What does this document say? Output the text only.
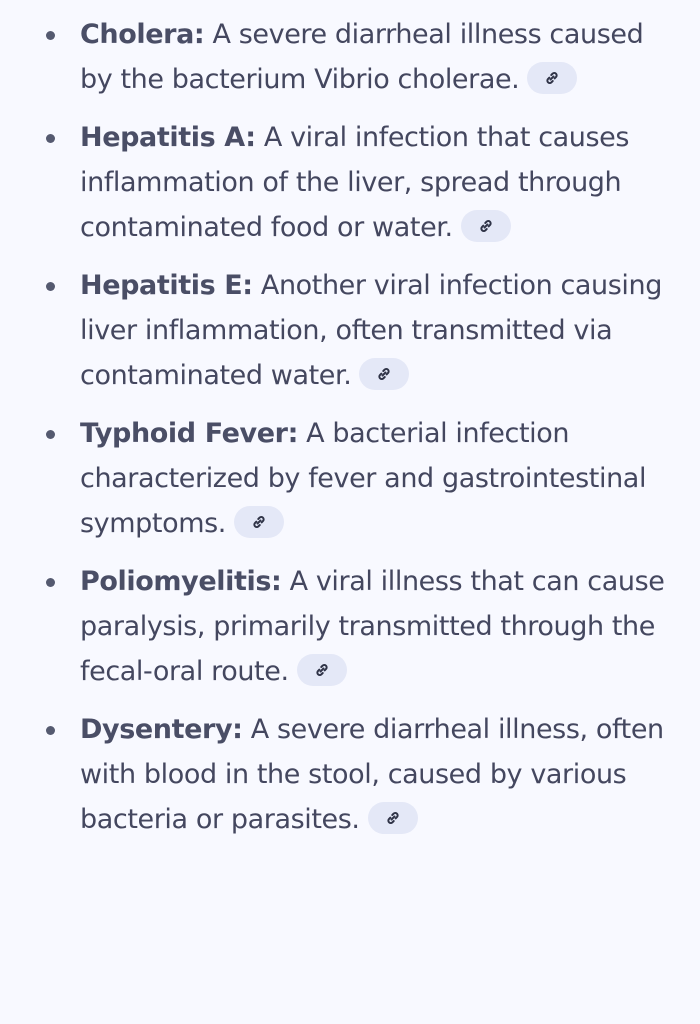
Cholera: A severe diarrheal illness caused by the bacterium Vibrio cholerae.
Hepatitis A: A viral infection that causes inflammation of the liver, spread through contaminated food or water.
Hepatitis E: Another viral infection causing liver inflammation, often transmitted via contaminated water.
Typhoid Fever: A bacterial infection characterized by fever and gastrointestinal symptoms.
Poliomyelitis: A viral illness that can cause paralysis, primarily transmitted through the fecal-oral route.
Dysentery: A severe diarrheal illness, often with blood in the stool, caused by various bacteria or parasites.
